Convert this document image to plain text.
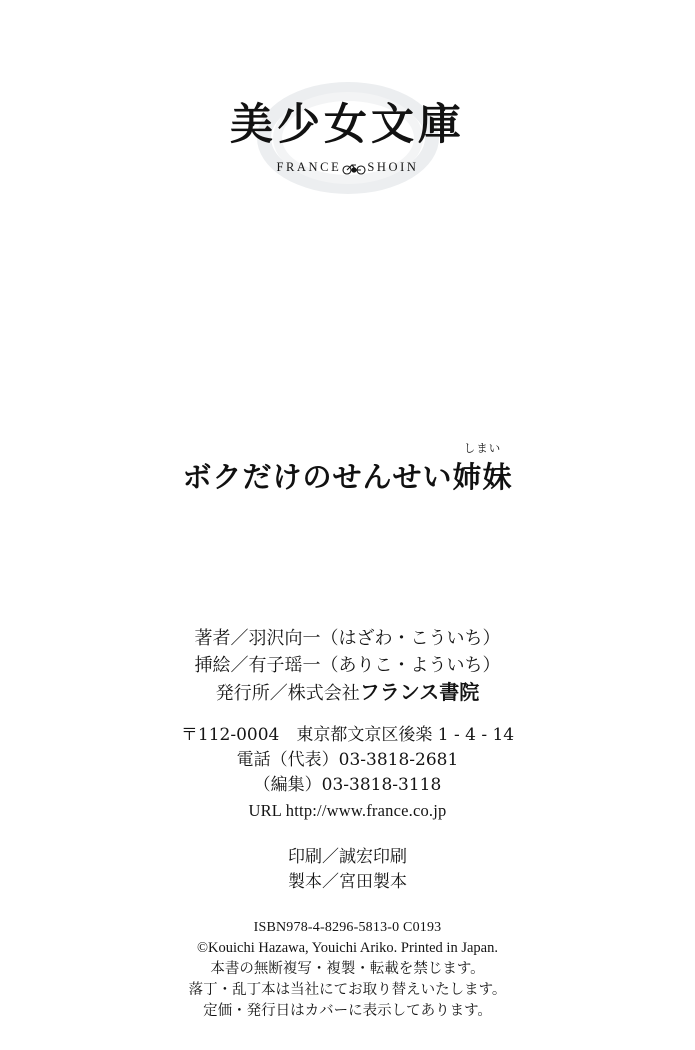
美少女文庫
FRANCE SHOIN
ボクだけのせんせい
しまい
姉妹
著者／羽沢向一（はざわ・こういち）
挿絵／有子瑶一（ありこ・よういち）
発行所／株式会社フランス書院
〒112-0004　東京都文京区後楽 1 - 4 - 14
電話（代表）03-3818-2681
（編集）03-3818-3118
URL http://www.france.co.jp
印刷／誠宏印刷
製本／宮田製本
ISBN978-4-8296-5813-0 C0193
©Kouichi Hazawa, Youichi Ariko. Printed in Japan.
本書の無断複写・複製・転載を禁じます。
落丁・乱丁本は当社にてお取り替えいたします。
定価・発行日はカバーに表示してあります。
